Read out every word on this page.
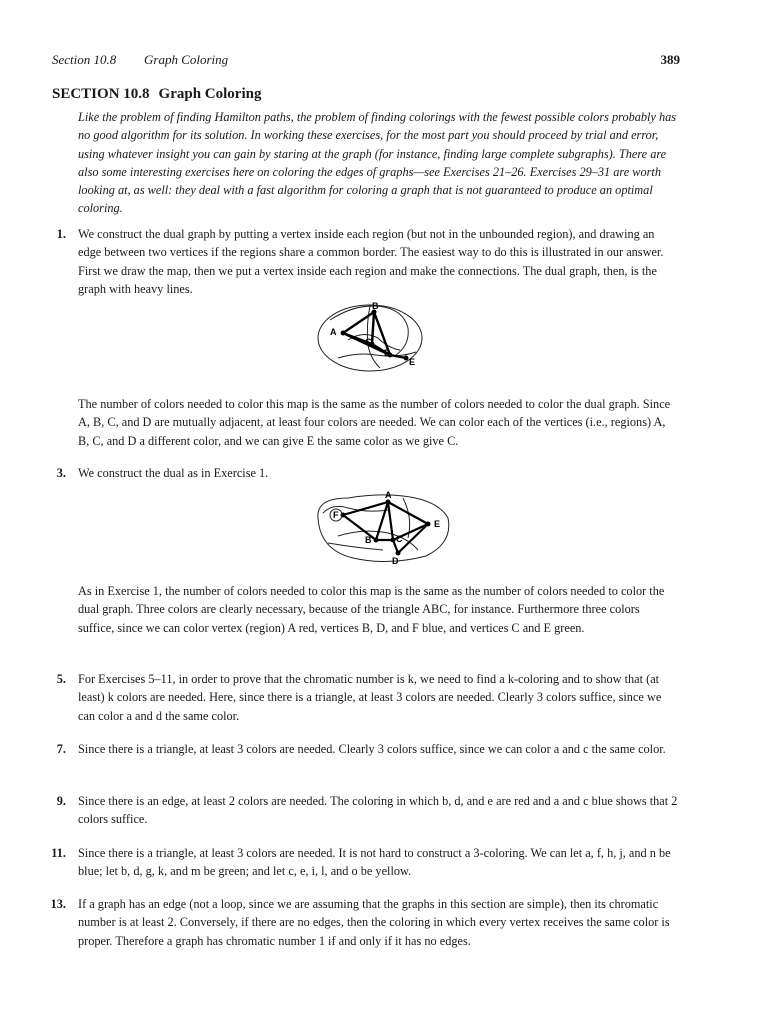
Section 10.8 Graph Coloring	389
SECTION 10.8 Graph Coloring
Like the problem of finding Hamilton paths, the problem of finding colorings with the fewest possible colors probably has no good algorithm for its solution. In working these exercises, for the most part you should proceed by trial and error, using whatever insight you can gain by staring at the graph (for instance, finding large complete subgraphs). There are also some interesting exercises here on coloring the edges of graphs—see Exercises 21–26. Exercises 29–31 are worth looking at, as well: they deal with a fast algorithm for coloring a graph that is not guaranteed to produce an optimal coloring.
1. We construct the dual graph by putting a vertex inside each region (but not in the unbounded region), and drawing an edge between two vertices if the regions share a common border. The easiest way to do this is illustrated in our answer. First we draw the map, then we put a vertex inside each region and make the connections. The dual graph, then, is the graph with heavy lines.
A
B
C
D
E
The number of colors needed to color this map is the same as the number of colors needed to color the dual graph. Since A, B, C, and D are mutually adjacent, at least four colors are needed. We can color each of the vertices (i.e., regions) A, B, C, and D a different color, and we can give E the same color as we give C.
3. We construct the dual as in Exercise 1.
F
A
B	C
D
E
As in Exercise 1, the number of colors needed to color this map is the same as the number of colors needed to color the dual graph. Three colors are clearly necessary, because of the triangle ABC, for instance. Furthermore three colors suffice, since we can color vertex (region) A red, vertices B, D, and F blue, and vertices C and E green.
5. For Exercises 5–11, in order to prove that the chromatic number is k, we need to find a k-coloring and to show that (at least) k colors are needed. Here, since there is a triangle, at least 3 colors are needed. Clearly 3 colors suffice, since we can color a and d the same color.
7. Since there is a triangle, at least 3 colors are needed. Clearly 3 colors suffice, since we can color a and c the same color.
9. Since there is an edge, at least 2 colors are needed. The coloring in which b, d, and e are red and a and c blue shows that 2 colors suffice.
11. Since there is a triangle, at least 3 colors are needed. It is not hard to construct a 3-coloring. We can let a, f, h, j, and n be blue; let b, d, g, k, and m be green; and let c, e, i, l, and o be yellow.
13. If a graph has an edge (not a loop, since we are assuming that the graphs in this section are simple), then its chromatic number is at least 2. Conversely, if there are no edges, then the coloring in which every vertex receives the same color is proper. Therefore a graph has chromatic number 1 if and only if it has no edges.
